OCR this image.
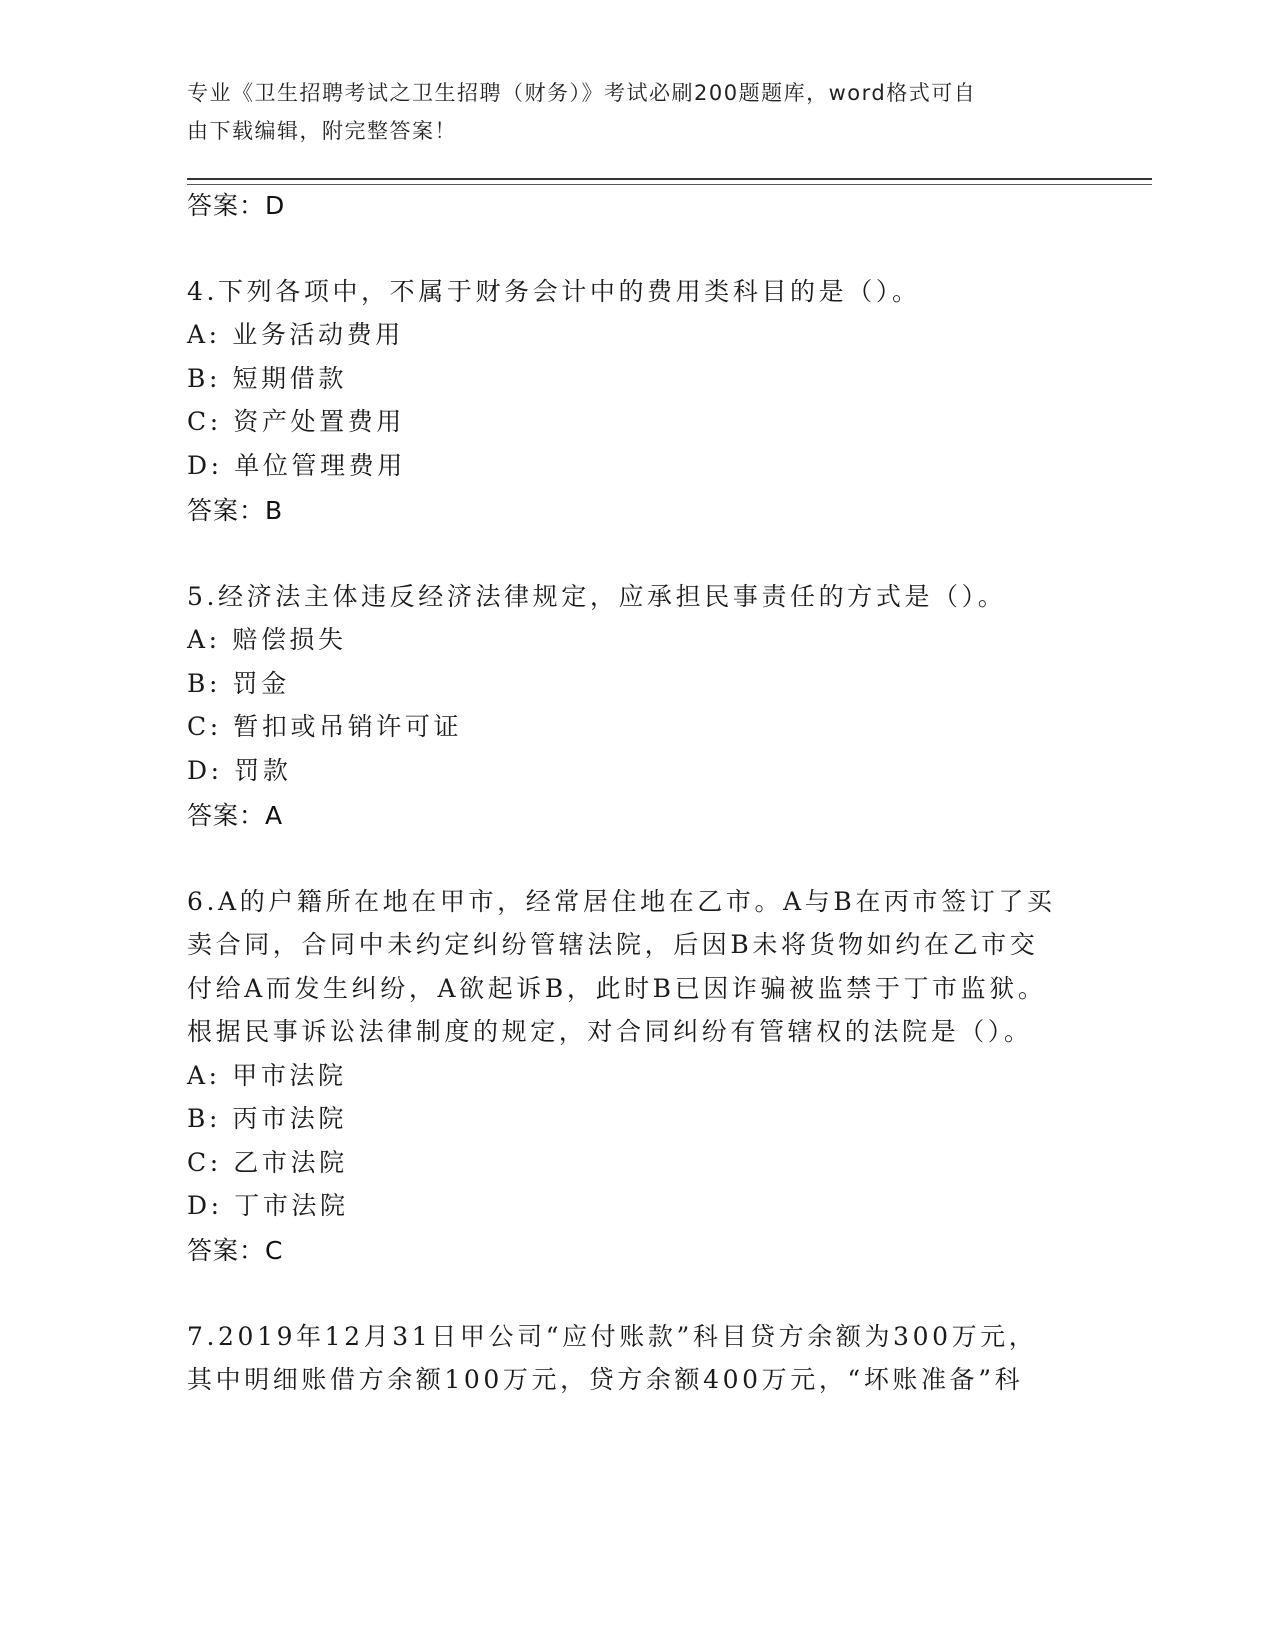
专业《卫生招聘考试之卫生招聘（财务）》考试必刷200题题库，word格式可自
由下载编辑，附完整答案！
答案：D
4.下列各项中，不属于财务会计中的费用类科目的是（）。
A: 业务活动费用
B: 短期借款
C: 资产处置费用
D: 单位管理费用
答案：B
5.经济法主体违反经济法律规定，应承担民事责任的方式是（）。
A: 赔偿损失
B: 罚金
C: 暂扣或吊销许可证
D: 罚款
答案：A
6.A的户籍所在地在甲市，经常居住地在乙市。A与B在丙市签订了买
卖合同，合同中未约定纠纷管辖法院，后因B未将货物如约在乙市交
付给A而发生纠纷，A欲起诉B，此时B已因诈骗被监禁于丁市监狱。
根据民事诉讼法律制度的规定，对合同纠纷有管辖权的法院是（）。
A: 甲市法院
B: 丙市法院
C: 乙市法院
D: 丁市法院
答案：C
7.2019年12月31日甲公司“应付账款”科目贷方余额为300万元，
其中明细账借方余额100万元，贷方余额400万元，“坏账准备”科
